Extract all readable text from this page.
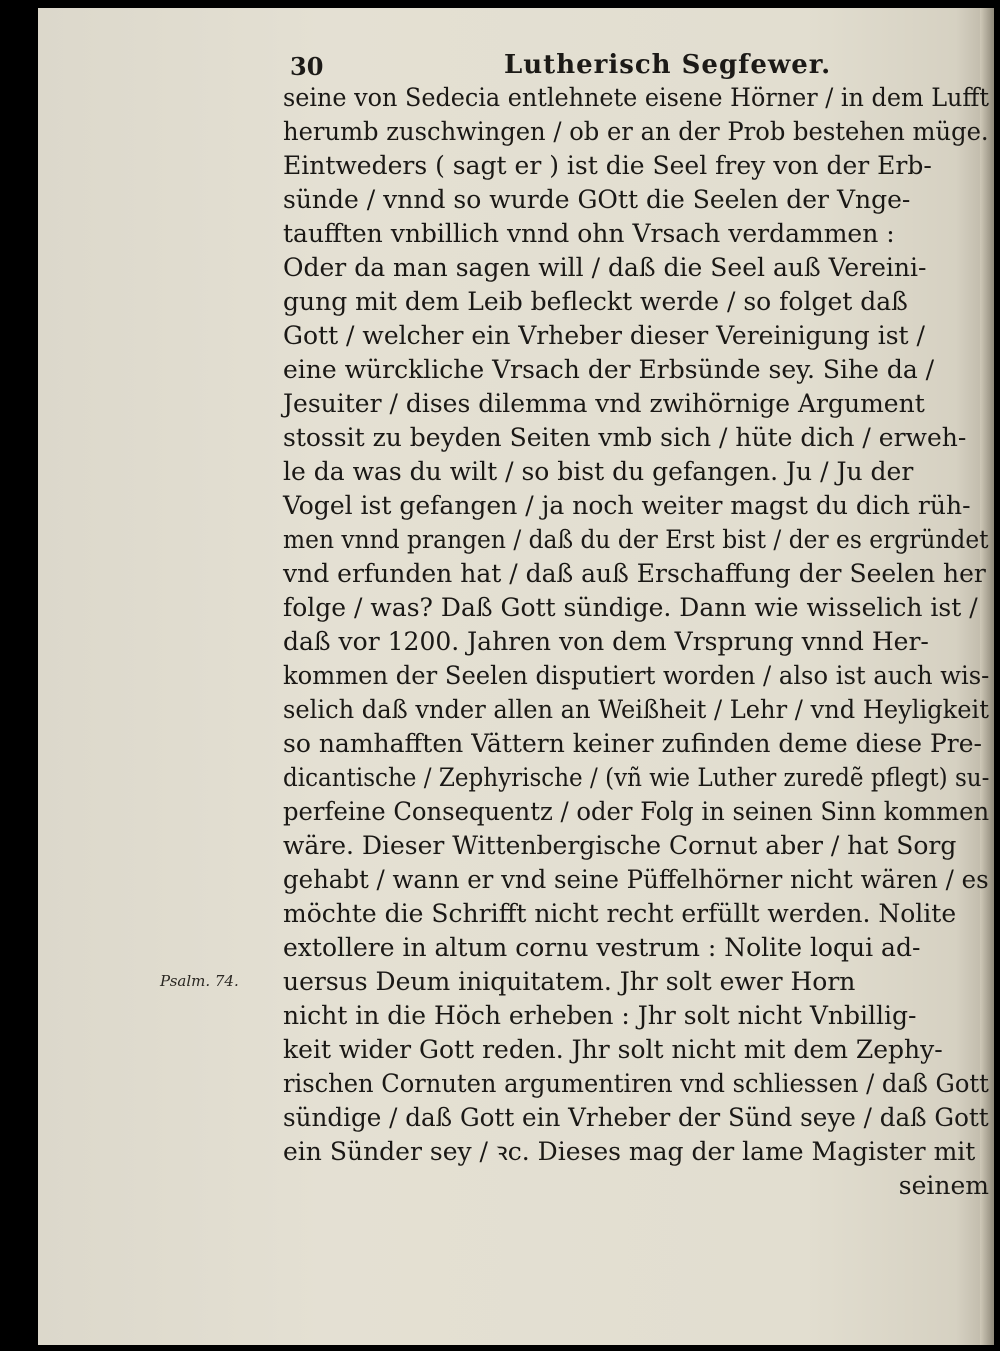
30	Lutherisch Segfewer.
Psalm. 74.
seine von Sedecia entlehnete eisene Hörner / in dem Lufft
herumb zuschwingen / ob er an der Prob bestehen müge.
Eintweders ( sagt er ) ist die Seel frey von der Erb-
sünde / vnnd so wurde GOtt die Seelen der Vnge-
taufften vnbillich vnnd ohn Vrsach verdammen :
Oder da man sagen will / daß die Seel auß Vereini-
gung mit dem Leib befleckt werde / so folget daß
Gott / welcher ein Vrheber dieser Vereinigung ist /
eine würckliche Vrsach der Erbsünde sey. Sihe da /
Jesuiter / dises dilemma vnd zwihörnige Argument
stossit zu beyden Seiten vmb sich / hüte dich / erweh-
le da was du wilt / so bist du gefangen. Ju / Ju der
Vogel ist gefangen / ja noch weiter magst du dich rüh-
men vnnd prangen / daß du der Erst bist / der es ergründet
vnd erfunden hat / daß auß Erschaffung der Seelen her
folge / was? Daß Gott sündige. Dann wie wisselich ist /
daß vor 1200. Jahren von dem Vrsprung vnnd Her-
kommen der Seelen disputiert worden / also ist auch wis-
selich daß vnder allen an Weißheit / Lehr / vnd Heyligkeit
so namhafften Vättern keiner zufinden deme diese Pre-
dicantische / Zephyrische / (vñ wie Luther zuredẽ pflegt) su-
perfeine Consequentz / oder Folg in seinen Sinn kommen
wäre. Dieser Wittenbergische Cornut aber / hat Sorg
gehabt / wann er vnd seine Püffelhörner nicht wären / es
möchte die Schrifft nicht recht erfüllt werden. Nolite
extollere in altum cornu vestrum : Nolite loqui ad-
uersus Deum iniquitatem. Jhr solt ewer Horn
nicht in die Höch erheben : Jhr solt nicht Vnbillig-
keit wider Gott reden. Jhr solt nicht mit dem Zephy-
rischen Cornuten argumentiren vnd schliessen / daß Gott
sündige / daß Gott ein Vrheber der Sünd seye / daß Gott
ein Sünder sey / ꝛc. Dieses mag der lame Magister mit
seinem
